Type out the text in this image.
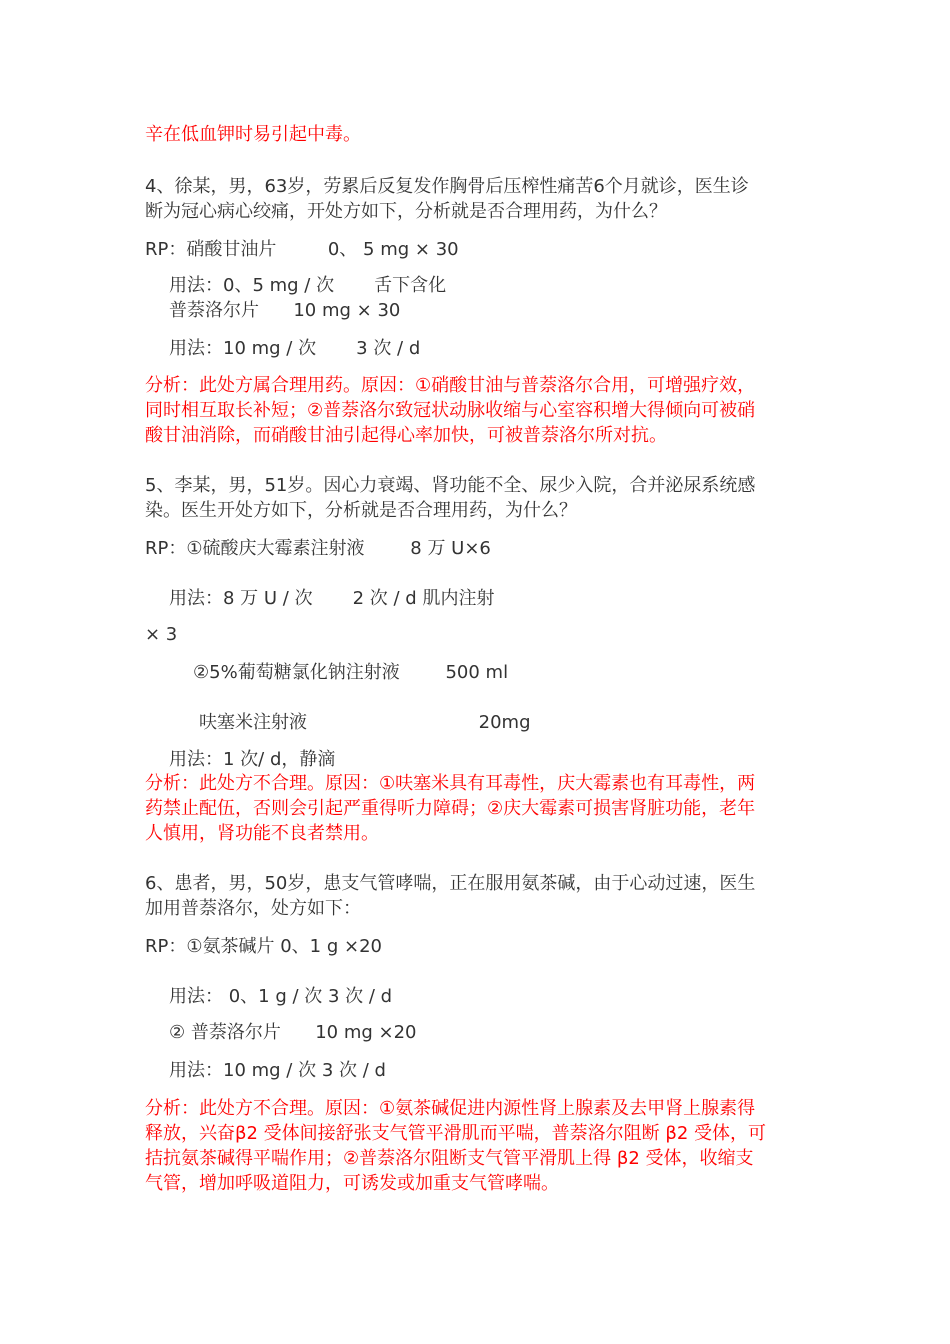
辛在低血钾时易引起中毒。
4、徐某，男，63岁，劳累后反复发作胸骨后压榨性痛苦6个月就诊，医生诊
断为冠心病心绞痛，开处方如下，分析就是否合理用药，为什么？
RP：硝酸甘油片         0、 5 mg × 30
用法：0、5 mg / 次       舌下含化
普萘洛尔片      10 mg × 30
用法：10 mg / 次       3 次 / d
分析：此处方属合理用药。原因：①硝酸甘油与普萘洛尔合用，可增强疗效，
同时相互取长补短；②普萘洛尔致冠状动脉收缩与心室容积增大得倾向可被硝
酸甘油消除，而硝酸甘油引起得心率加快，可被普萘洛尔所对抗。
5、李某，男，51岁。因心力衰竭、肾功能不全、尿少入院，合并泌尿系统感
染。医生开处方如下，分析就是否合理用药，为什么？
RP：①硫酸庆大霉素注射液        8 万 U×6
用法：8 万 U / 次       2 次 / d 肌内注射
× 3
②5%葡萄糖氯化钠注射液        500 ml
呋塞米注射液                              20mg
用法：1 次/ d，静滴
分析：此处方不合理。原因：①呋塞米具有耳毒性，庆大霉素也有耳毒性，两
药禁止配伍，否则会引起严重得听力障碍；②庆大霉素可损害肾脏功能，老年
人慎用，肾功能不良者禁用。
6、患者，男，50岁，患支气管哮喘，正在服用氨茶碱，由于心动过速，医生
加用普萘洛尔，处方如下：
RP：①氨茶碱片 0、1 g ×20
用法： 0、1 g / 次 3 次 / d
② 普萘洛尔片      10 mg ×20
用法：10 mg / 次 3 次 / d
分析：此处方不合理。原因：①氨茶碱促进内源性肾上腺素及去甲肾上腺素得
释放，兴奋β2 受体间接舒张支气管平滑肌而平喘，普萘洛尔阻断 β2 受体，可
拮抗氨茶碱得平喘作用；②普萘洛尔阻断支气管平滑肌上得 β2 受体，收缩支
气管，增加呼吸道阻力，可诱发或加重支气管哮喘。
